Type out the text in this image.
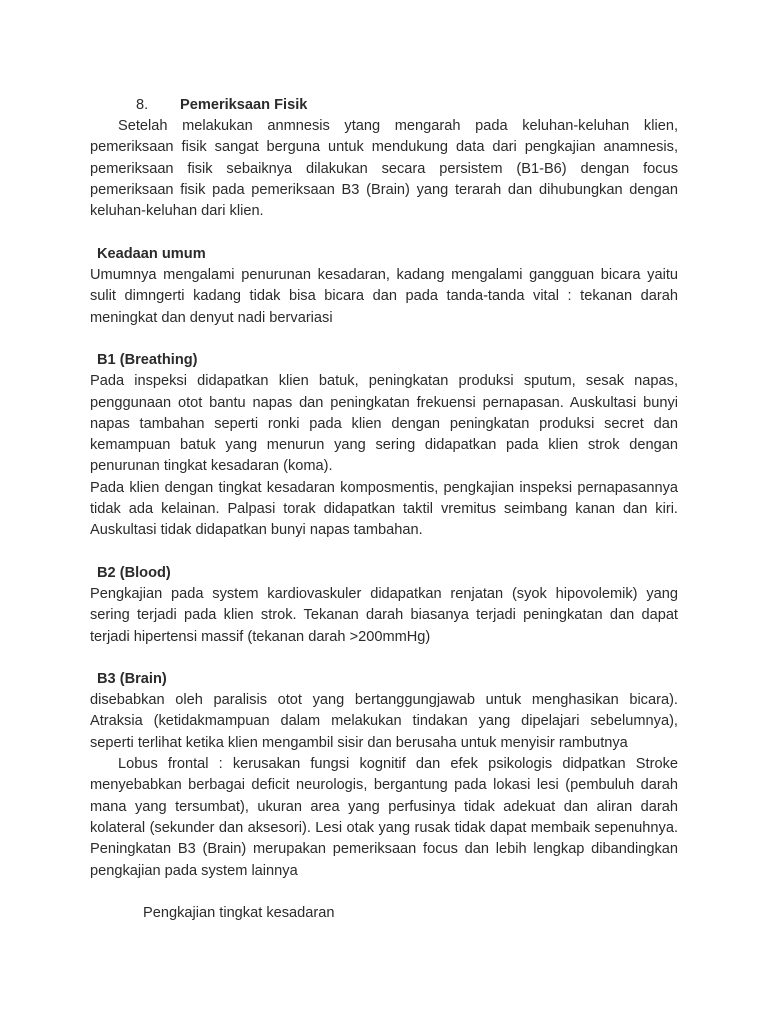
8. Pemeriksaan Fisik

Setelah melakukan anmnesis ytang mengarah pada keluhan-keluhan klien, pemeriksaan fisik sangat berguna untuk mendukung data dari pengkajian anamnesis, pemeriksaan fisik sebaiknya dilakukan secara persistem (B1-B6) dengan focus pemeriksaan fisik pada pemeriksaan B3 (Brain) yang terarah dan dihubungkan dengan keluhan-keluhan dari klien.

Keadaan umum

Umumnya mengalami penurunan kesadaran, kadang mengalami gangguan bicara yaitu sulit dimngerti kadang tidak bisa bicara dan pada tanda-tanda vital : tekanan darah meningkat dan denyut nadi bervariasi

B1 (Breathing)

Pada inspeksi didapatkan klien batuk, peningkatan produksi sputum, sesak napas, penggunaan otot bantu napas dan peningkatan frekuensi pernapasan. Auskultasi bunyi napas tambahan seperti ronki pada klien dengan peningkatan produksi secret dan kemampuan batuk yang menurun yang sering didapatkan pada klien strok dengan penurunan tingkat kesadaran (koma).

Pada klien dengan tingkat kesadaran komposmentis, pengkajian inspeksi pernapasannya tidak ada kelainan. Palpasi torak didapatkan taktil vremitus seimbang kanan dan kiri. Auskultasi tidak didapatkan bunyi napas tambahan.

B2 (Blood)

Pengkajian pada system kardiovaskuler didapatkan renjatan (syok hipovolemik) yang sering terjadi pada klien strok. Tekanan darah biasanya terjadi peningkatan dan dapat terjadi hipertensi massif (tekanan darah >200mmHg)

B3 (Brain)

disebabkan oleh paralisis otot yang bertanggungjawab untuk menghasikan bicara). Atraksia (ketidakmampuan dalam melakukan tindakan yang dipelajari sebelumnya), seperti terlihat ketika klien mengambil sisir dan berusaha untuk menyisir rambutnya

Lobus frontal : kerusakan fungsi kognitif dan efek psikologis didpatkan Stroke menyebabkan berbagai deficit neurologis, bergantung pada lokasi lesi (pembuluh darah mana yang tersumbat), ukuran area yang perfusinya tidak adekuat dan aliran darah kolateral (sekunder dan aksesori). Lesi otak yang rusak tidak dapat membaik sepenuhnya. Peningkatan B3 (Brain) merupakan pemeriksaan focus dan lebih lengkap dibandingkan pengkajian pada system lainnya

Pengkajian tingkat kesadaran
